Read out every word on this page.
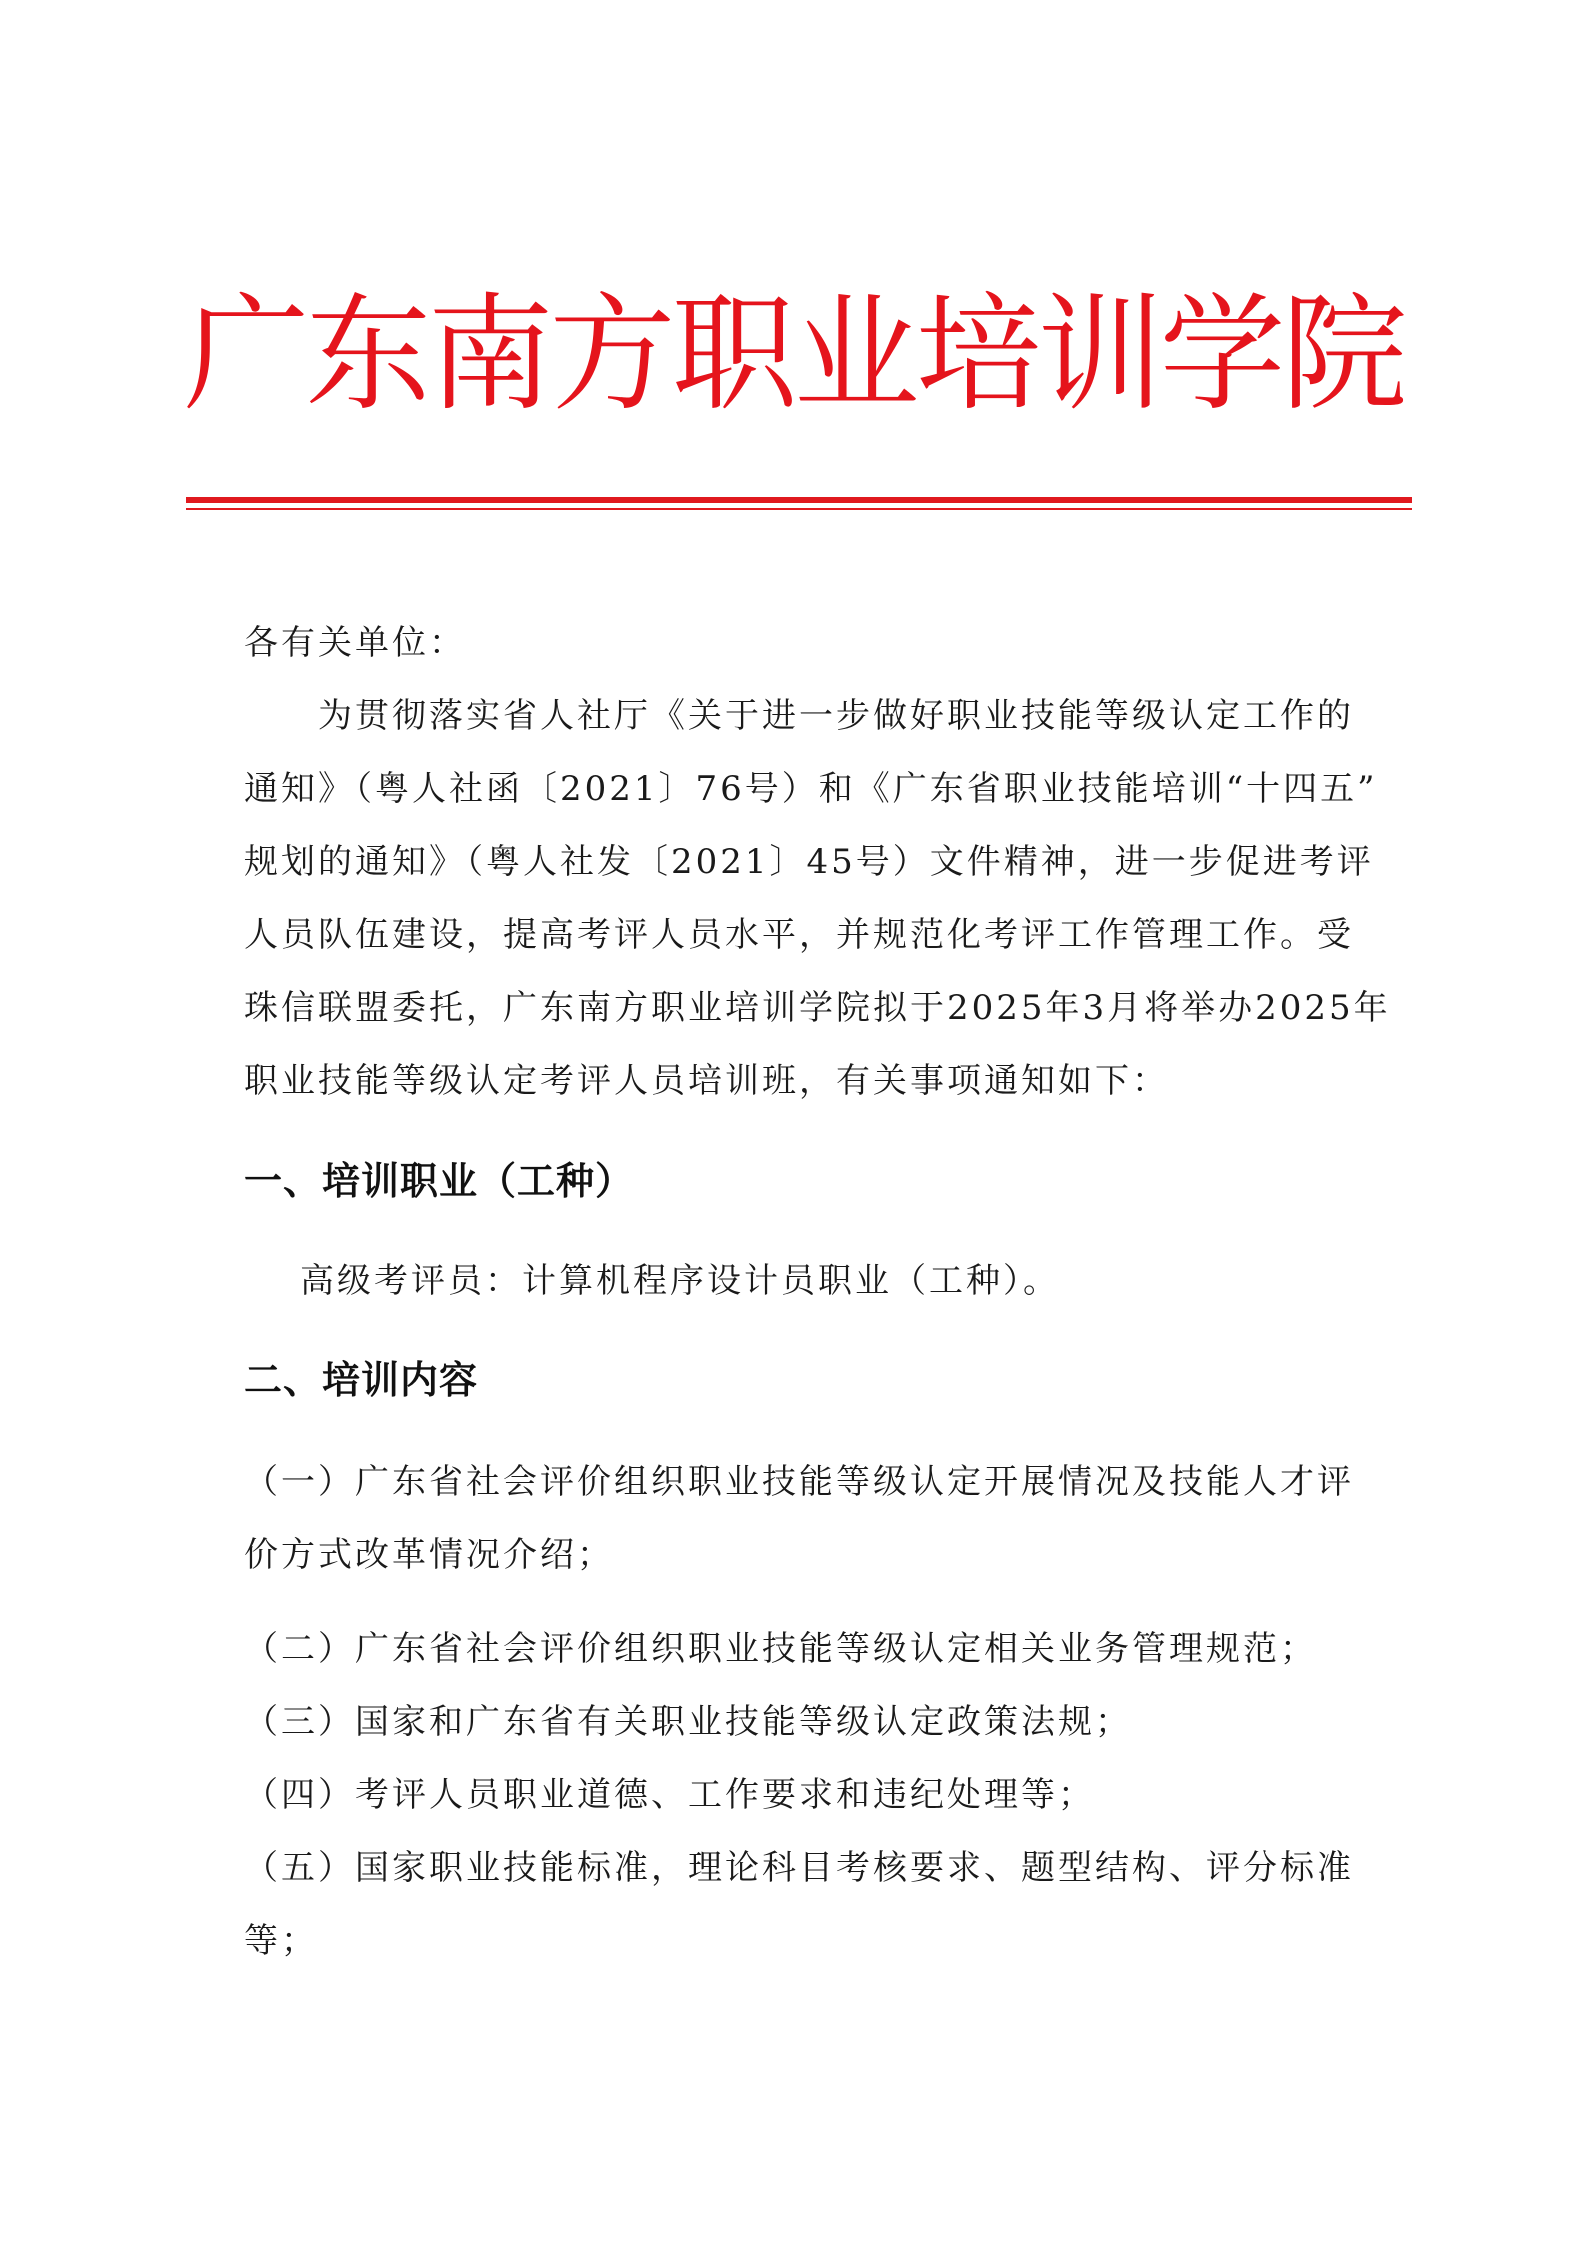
广东南方职业培训学院
各有关单位：
为贯彻落实省人社厅《关于进一步做好职业技能等级认定工作的
通知》（粤人社函〔2021〕76号）和《广东省职业技能培训“十四五”
规划的通知》（粤人社发〔2021〕45号）文件精神，进一步促进考评
人员队伍建设，提高考评人员水平，并规范化考评工作管理工作。受
珠信联盟委托，广东南方职业培训学院拟于2025年3月将举办2025年
职业技能等级认定考评人员培训班，有关事项通知如下：
一、培训职业（工种）
高级考评员：计算机程序设计员职业（工种）。
二、培训内容
（一）广东省社会评价组织职业技能等级认定开展情况及技能人才评
价方式改革情况介绍；
（二）广东省社会评价组织职业技能等级认定相关业务管理规范；
（三）国家和广东省有关职业技能等级认定政策法规；
（四）考评人员职业道德、工作要求和违纪处理等；
（五）国家职业技能标准，理论科目考核要求、题型结构、评分标准
等；
